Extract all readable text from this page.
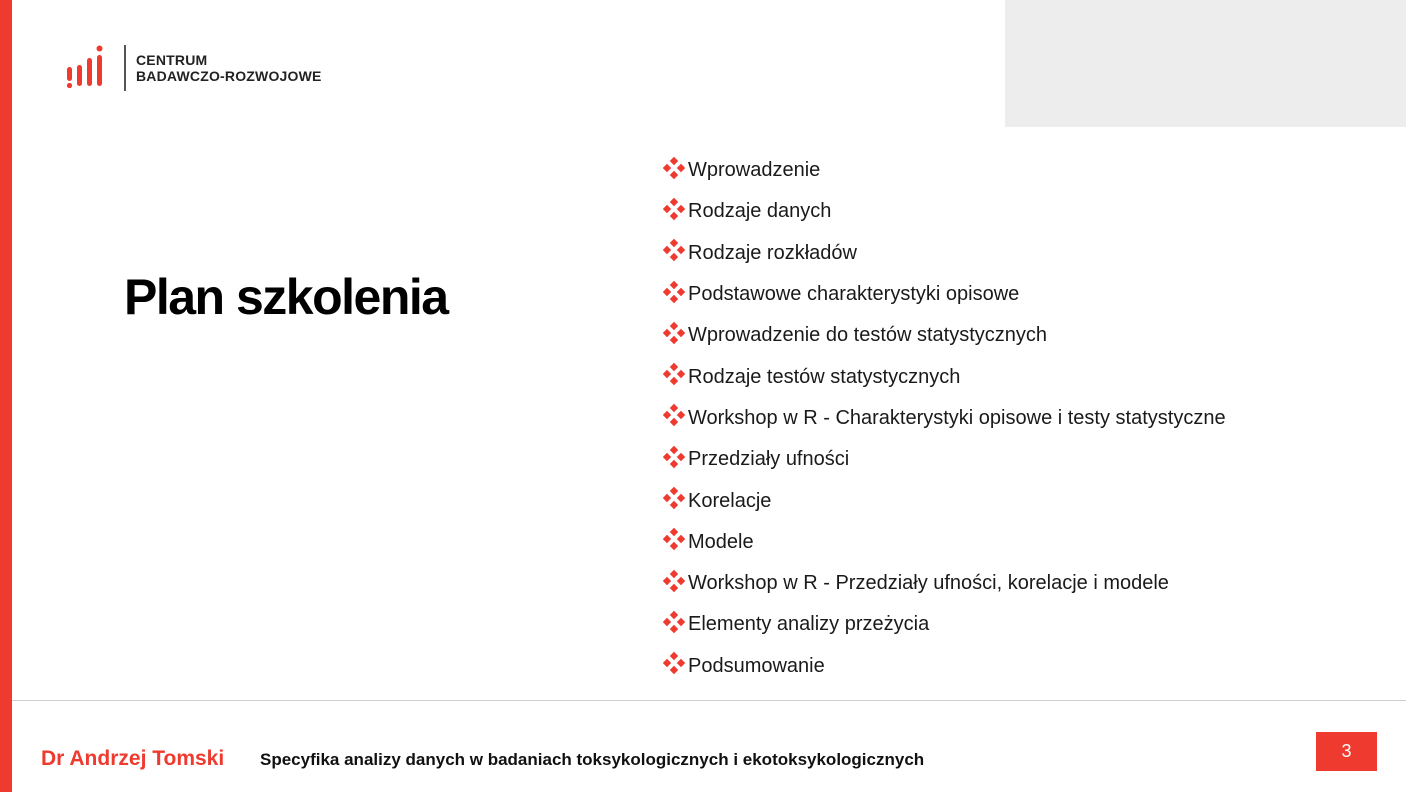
CENTRUM
BADAWCZO-ROZWOJOWE
Plan szkolenia
Wprowadzenie
Rodzaje danych
Rodzaje rozkładów
Podstawowe charakterystyki opisowe
Wprowadzenie do testów statystycznych
Rodzaje testów statystycznych
Workshop w R - Charakterystyki opisowe i testy statystyczne
Przedziały ufności
Korelacje
Modele
Workshop w R - Przedziały ufności, korelacje i modele
Elementy analizy przeżycia
Podsumowanie
Dr Andrzej Tomski Specyfika analizy danych w badaniach toksykologicznych i ekotoksykologicznych	3
